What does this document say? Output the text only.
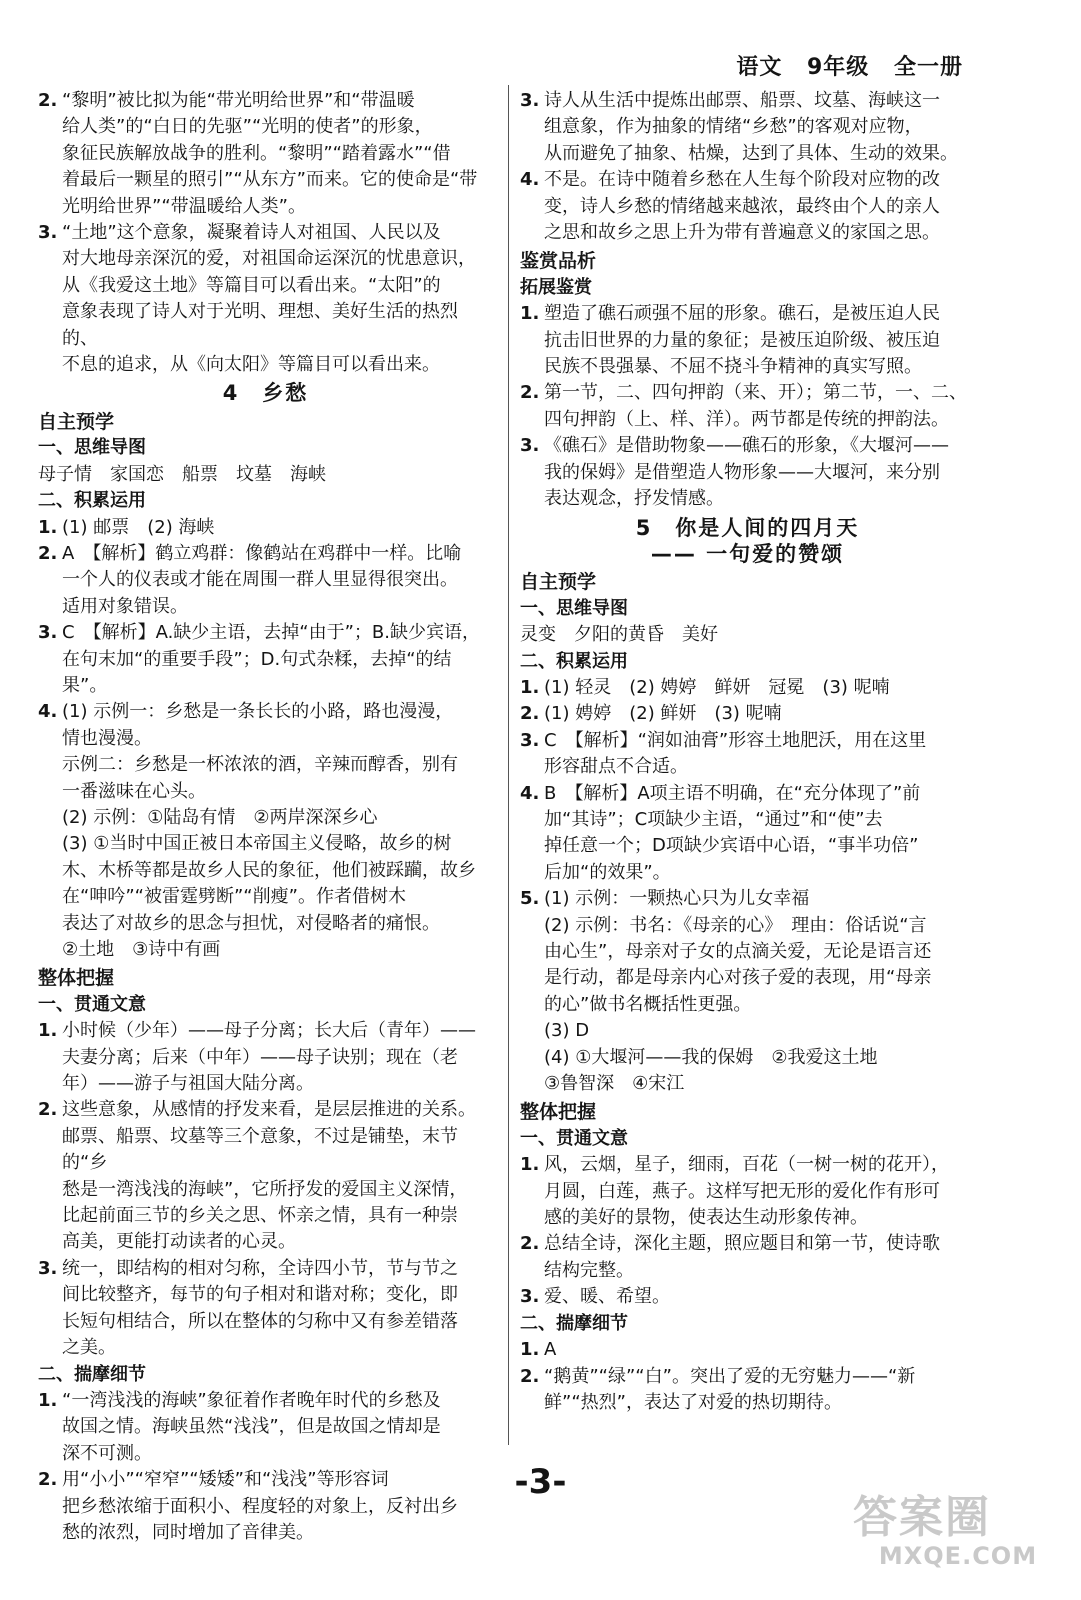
语文 9年级 全一册
2. “黎明”被比拟为能“带光明给世界”和“带温暖
给人类”的“白日的先驱”“光明的使者”的形象，
象征民族解放战争的胜利。“黎明”“踏着露水”“借
着最后一颗星的照引”“从东方”而来。它的使命是“带
光明给世界”“带温暖给人类”。
3. “土地”这个意象，凝聚着诗人对祖国、人民以及
对大地母亲深沉的爱，对祖国命运深沉的忧患意识，
从《我爱这土地》等篇目可以看出来。“太阳”的
意象表现了诗人对于光明、理想、美好生活的热烈的、
不息的追求，从《向太阳》等篇目可以看出来。
4　乡愁
自主预学
一、思维导图
母子情　家国恋　船票　坟墓　海峡
二、积累运用
1. (1) 邮票　(2) 海峡
2. A　【解析】鹤立鸡群：像鹤站在鸡群中一样。比喻
一个人的仪表或才能在周围一群人里显得很突出。
适用对象错误。
3. C　【解析】A.缺少主语，去掉“由于”；B.缺少宾语，
在句末加“的重要手段”；D.句式杂糅，去掉“的结果”。
4. (1) 示例一：乡愁是一条长长的小路，路也漫漫，
情也漫漫。
示例二：乡愁是一杯浓浓的酒，辛辣而醇香，别有
一番滋味在心头。
(2) 示例：①陆岛有情　②两岸深深乡心
(3) ①当时中国正被日本帝国主义侵略，故乡的树
木、木桥等都是故乡人民的象征，他们被踩躏，故乡
在“呻吟”“被雷霆劈断”“削瘦”。作者借树木
表达了对故乡的思念与担忧，对侵略者的痛恨。
②土地　③诗中有画
整体把握
一、贯通文意
1. 小时候（少年）——母子分离；长大后（青年）——
夫妻分离；后来（中年）——母子诀别；现在（老
年）——游子与祖国大陆分离。
2. 这些意象，从感情的抒发来看，是层层推进的关系。
邮票、船票、坟墓等三个意象，不过是铺垫，末节的“乡
愁是一湾浅浅的海峡”，它所抒发的爱国主义深情，
比起前面三节的乡关之思、怀亲之情，具有一种崇
高美，更能打动读者的心灵。
3. 统一，即结构的相对匀称，全诗四小节，节与节之
间比较整齐，每节的句子相对和谐对称；变化，即
长短句相结合，所以在整体的匀称中又有参差错落
之美。
二、揣摩细节
1. “一湾浅浅的海峡”象征着作者晚年时代的乡愁及
故国之情。海峡虽然“浅浅”，但是故国之情却是
深不可测。
2. 用“小小”“窄窄”“矮矮”和“浅浅”等形容词
把乡愁浓缩于面积小、程度轻的对象上，反衬出乡
愁的浓烈，同时增加了音律美。
3. 诗人从生活中提炼出邮票、船票、坟墓、海峡这一
组意象，作为抽象的情绪“乡愁”的客观对应物，
从而避免了抽象、枯燥，达到了具体、生动的效果。
4. 不是。在诗中随着乡愁在人生每个阶段对应物的改
变，诗人乡愁的情绪越来越浓，最终由个人的亲人
之思和故乡之思上升为带有普遍意义的家国之思。
鉴赏品析
拓展鉴赏
1. 塑造了礁石顽强不屈的形象。礁石，是被压迫人民
抗击旧世界的力量的象征；是被压迫阶级、被压迫
民族不畏强暴、不屈不挠斗争精神的真实写照。
2. 第一节，二、四句押韵（来、开）；第二节，一、二、
四句押韵（上、样、洋）。两节都是传统的押韵法。
3. 《礁石》是借助物象——礁石的形象，《大堰河——
我的保姆》是借塑造人物形象——大堰河，来分别
表达观念，抒发情感。
5　你是人间的四月天
—— 一句爱的赞颂
自主预学
一、思维导图
灵变　夕阳的黄昏　美好
二、积累运用
1. (1) 轻灵　(2) 娉婷　鲜妍　冠冕　(3) 呢喃
2. (1) 娉婷　(2) 鲜妍　(3) 呢喃
3. C　【解析】“润如油膏”形容土地肥沃，用在这里
形容甜点不合适。
4. B　【解析】A项主语不明确，在“充分体现了”前
加“其诗”；C项缺少主语，“通过”和“使”去
掉任意一个；D项缺少宾语中心语，“事半功倍”
后加“的效果”。
5. (1) 示例：一颗热心只为儿女幸福
(2) 示例：书名：《母亲的心》　理由：俗话说“言
由心生”，母亲对子女的点滴关爱，无论是语言还
是行动，都是母亲内心对孩子爱的表现，用“母亲
的心”做书名概括性更强。
(3) D
(4) ①大堰河——我的保姆　②我爱这土地
③鲁智深　④宋江
整体把握
一、贯通文意
1. 风，云烟，星子，细雨，百花（一树一树的花开），
月圆，白莲，燕子。这样写把无形的爱化作有形可
感的美好的景物，使表达生动形象传神。
2. 总结全诗，深化主题，照应题目和第一节，使诗歌
结构完整。
3. 爱、暖、希望。
二、揣摩细节
1. A
2. “鹅黄”“绿”“白”。突出了爱的无穷魅力——“新
鲜”“热烈”，表达了对爱的热切期待。
-3-
答案圈
MXQE.COM
